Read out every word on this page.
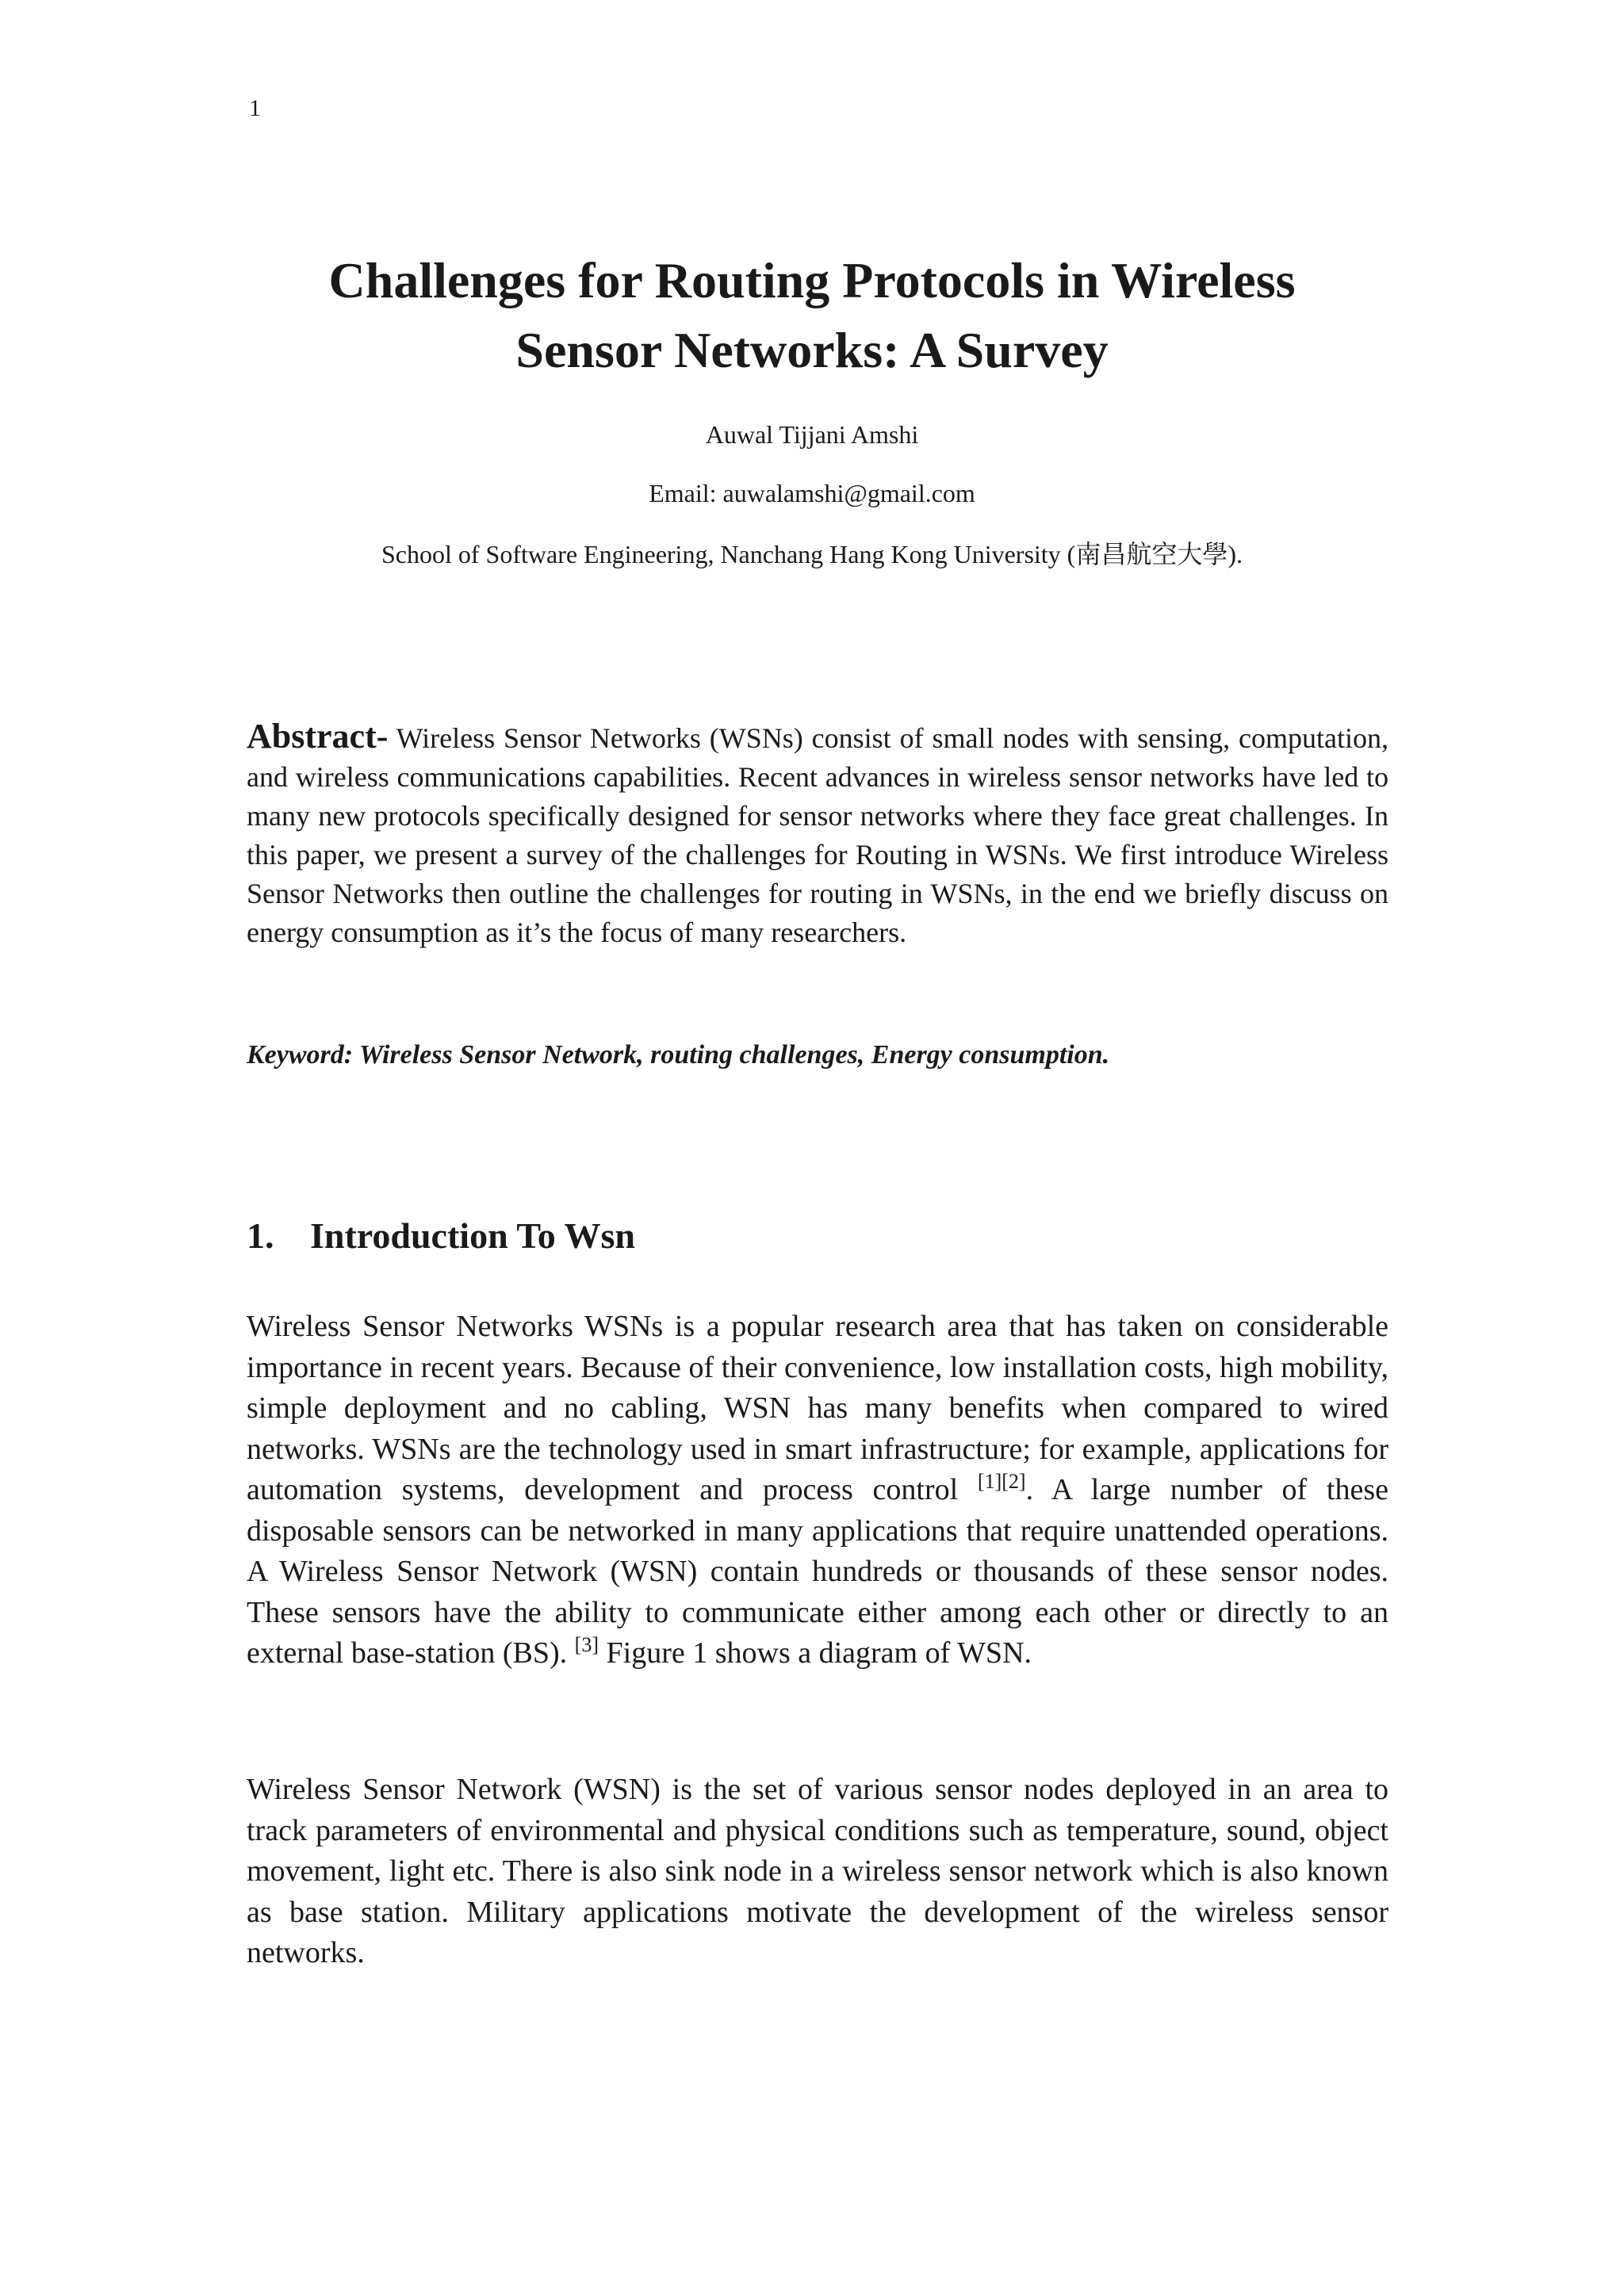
1
Challenges for Routing Protocols in Wireless
Sensor Networks: A Survey
Auwal Tijjani Amshi
Email: auwalamshi@gmail.com
School of Software Engineering, Nanchang Hang Kong University (南昌航空大學).
Abstract- Wireless Sensor Networks (WSNs) consist of small nodes with sensing, computation, and wireless communications capabilities. Recent advances in wireless sensor networks have led to many new protocols specifically designed for sensor networks where they face great challenges. In this paper, we present a survey of the challenges for Routing in WSNs. We first introduce Wireless Sensor Networks then outline the challenges for routing in WSNs, in the end we briefly discuss on energy consumption as it’s the focus of many researchers.
Keyword: Wireless Sensor Network, routing challenges, Energy consumption.
1. Introduction To Wsn

Wireless Sensor Networks WSNs is a popular research area that has taken on considerable importance in recent years. Because of their convenience, low installation costs, high mobility, simple deployment and no cabling, WSN has many benefits when compared to wired networks. WSNs are the technology used in smart infrastructure; for example, applications for automation systems, development and process control [1][2]. A large number of these disposable sensors can be networked in many applications that require unattended operations. A Wireless Sensor Network (WSN) contain hundreds or thousands of these sensor nodes. These sensors have the ability to communicate either among each other or directly to an external base-station (BS). [3] Figure 1 shows a diagram of WSN.

Wireless Sensor Network (WSN) is the set of various sensor nodes deployed in an area to track parameters of environmental and physical conditions such as temperature, sound, object movement, light etc. There is also sink node in a wireless sensor network which is also known as base station. Military applications motivate the development of the wireless sensor networks.
